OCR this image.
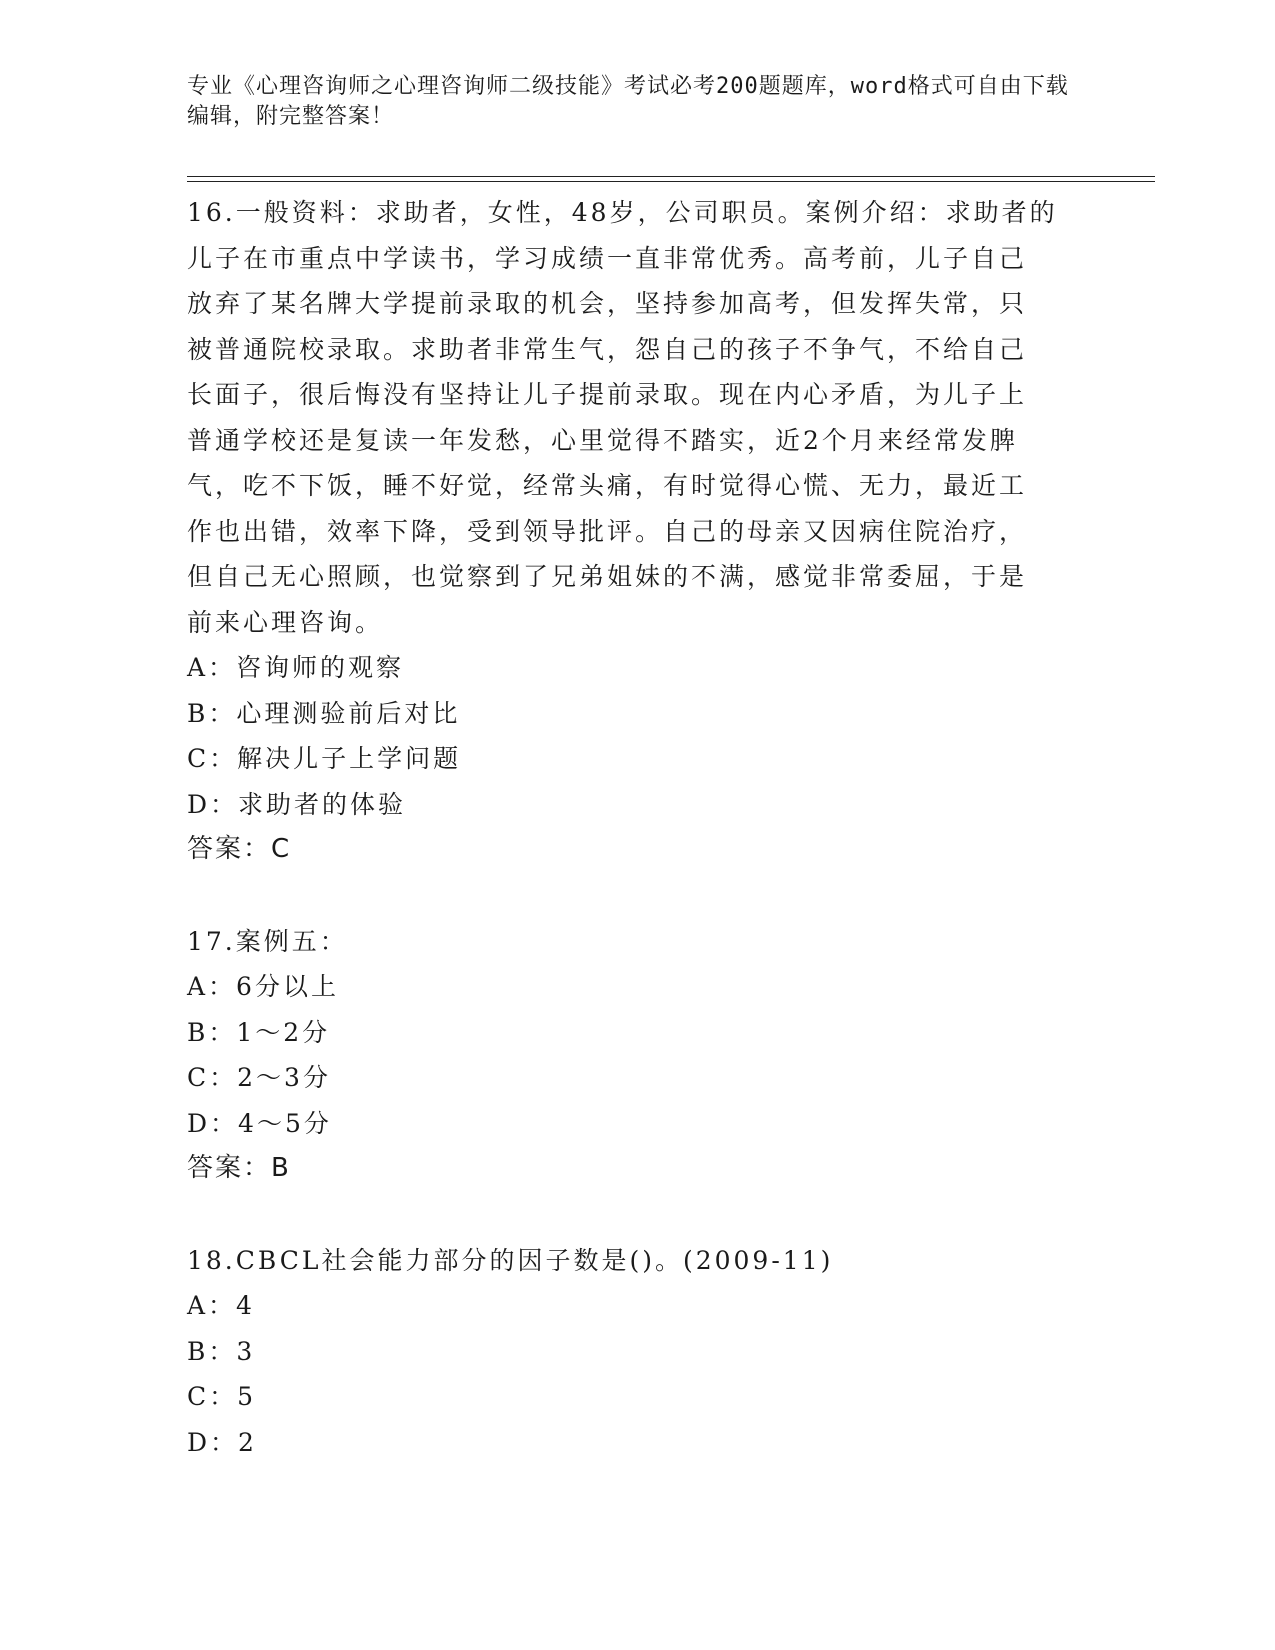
专业《心理咨询师之心理咨询师二级技能》考试必考200题题库，word格式可自由下载编辑，附完整答案！

16.一般资料：求助者，女性，48岁，公司职员。案例介绍：求助者的
儿子在市重点中学读书，学习成绩一直非常优秀。高考前，儿子自己
放弃了某名牌大学提前录取的机会，坚持参加高考，但发挥失常，只
被普通院校录取。求助者非常生气，怨自己的孩子不争气，不给自己
长面子，很后悔没有坚持让儿子提前录取。现在内心矛盾，为儿子上
普通学校还是复读一年发愁，心里觉得不踏实，近2个月来经常发脾
气，吃不下饭，睡不好觉，经常头痛，有时觉得心慌、无力，最近工
作也出错，效率下降，受到领导批评。自己的母亲又因病住院治疗，
但自己无心照顾，也觉察到了兄弟姐妹的不满，感觉非常委屈，于是
前来心理咨询。

A：咨询师的观察

B：心理测验前后对比

C：解决儿子上学问题

D：求助者的体验

答案：C

17.案例五：

A：6分以上

B：1～2分

C：2～3分

D：4～5分

答案：B

18.CBCL社会能力部分的因子数是()。(2009-11)

A：4

B：3

C：5

D：2
